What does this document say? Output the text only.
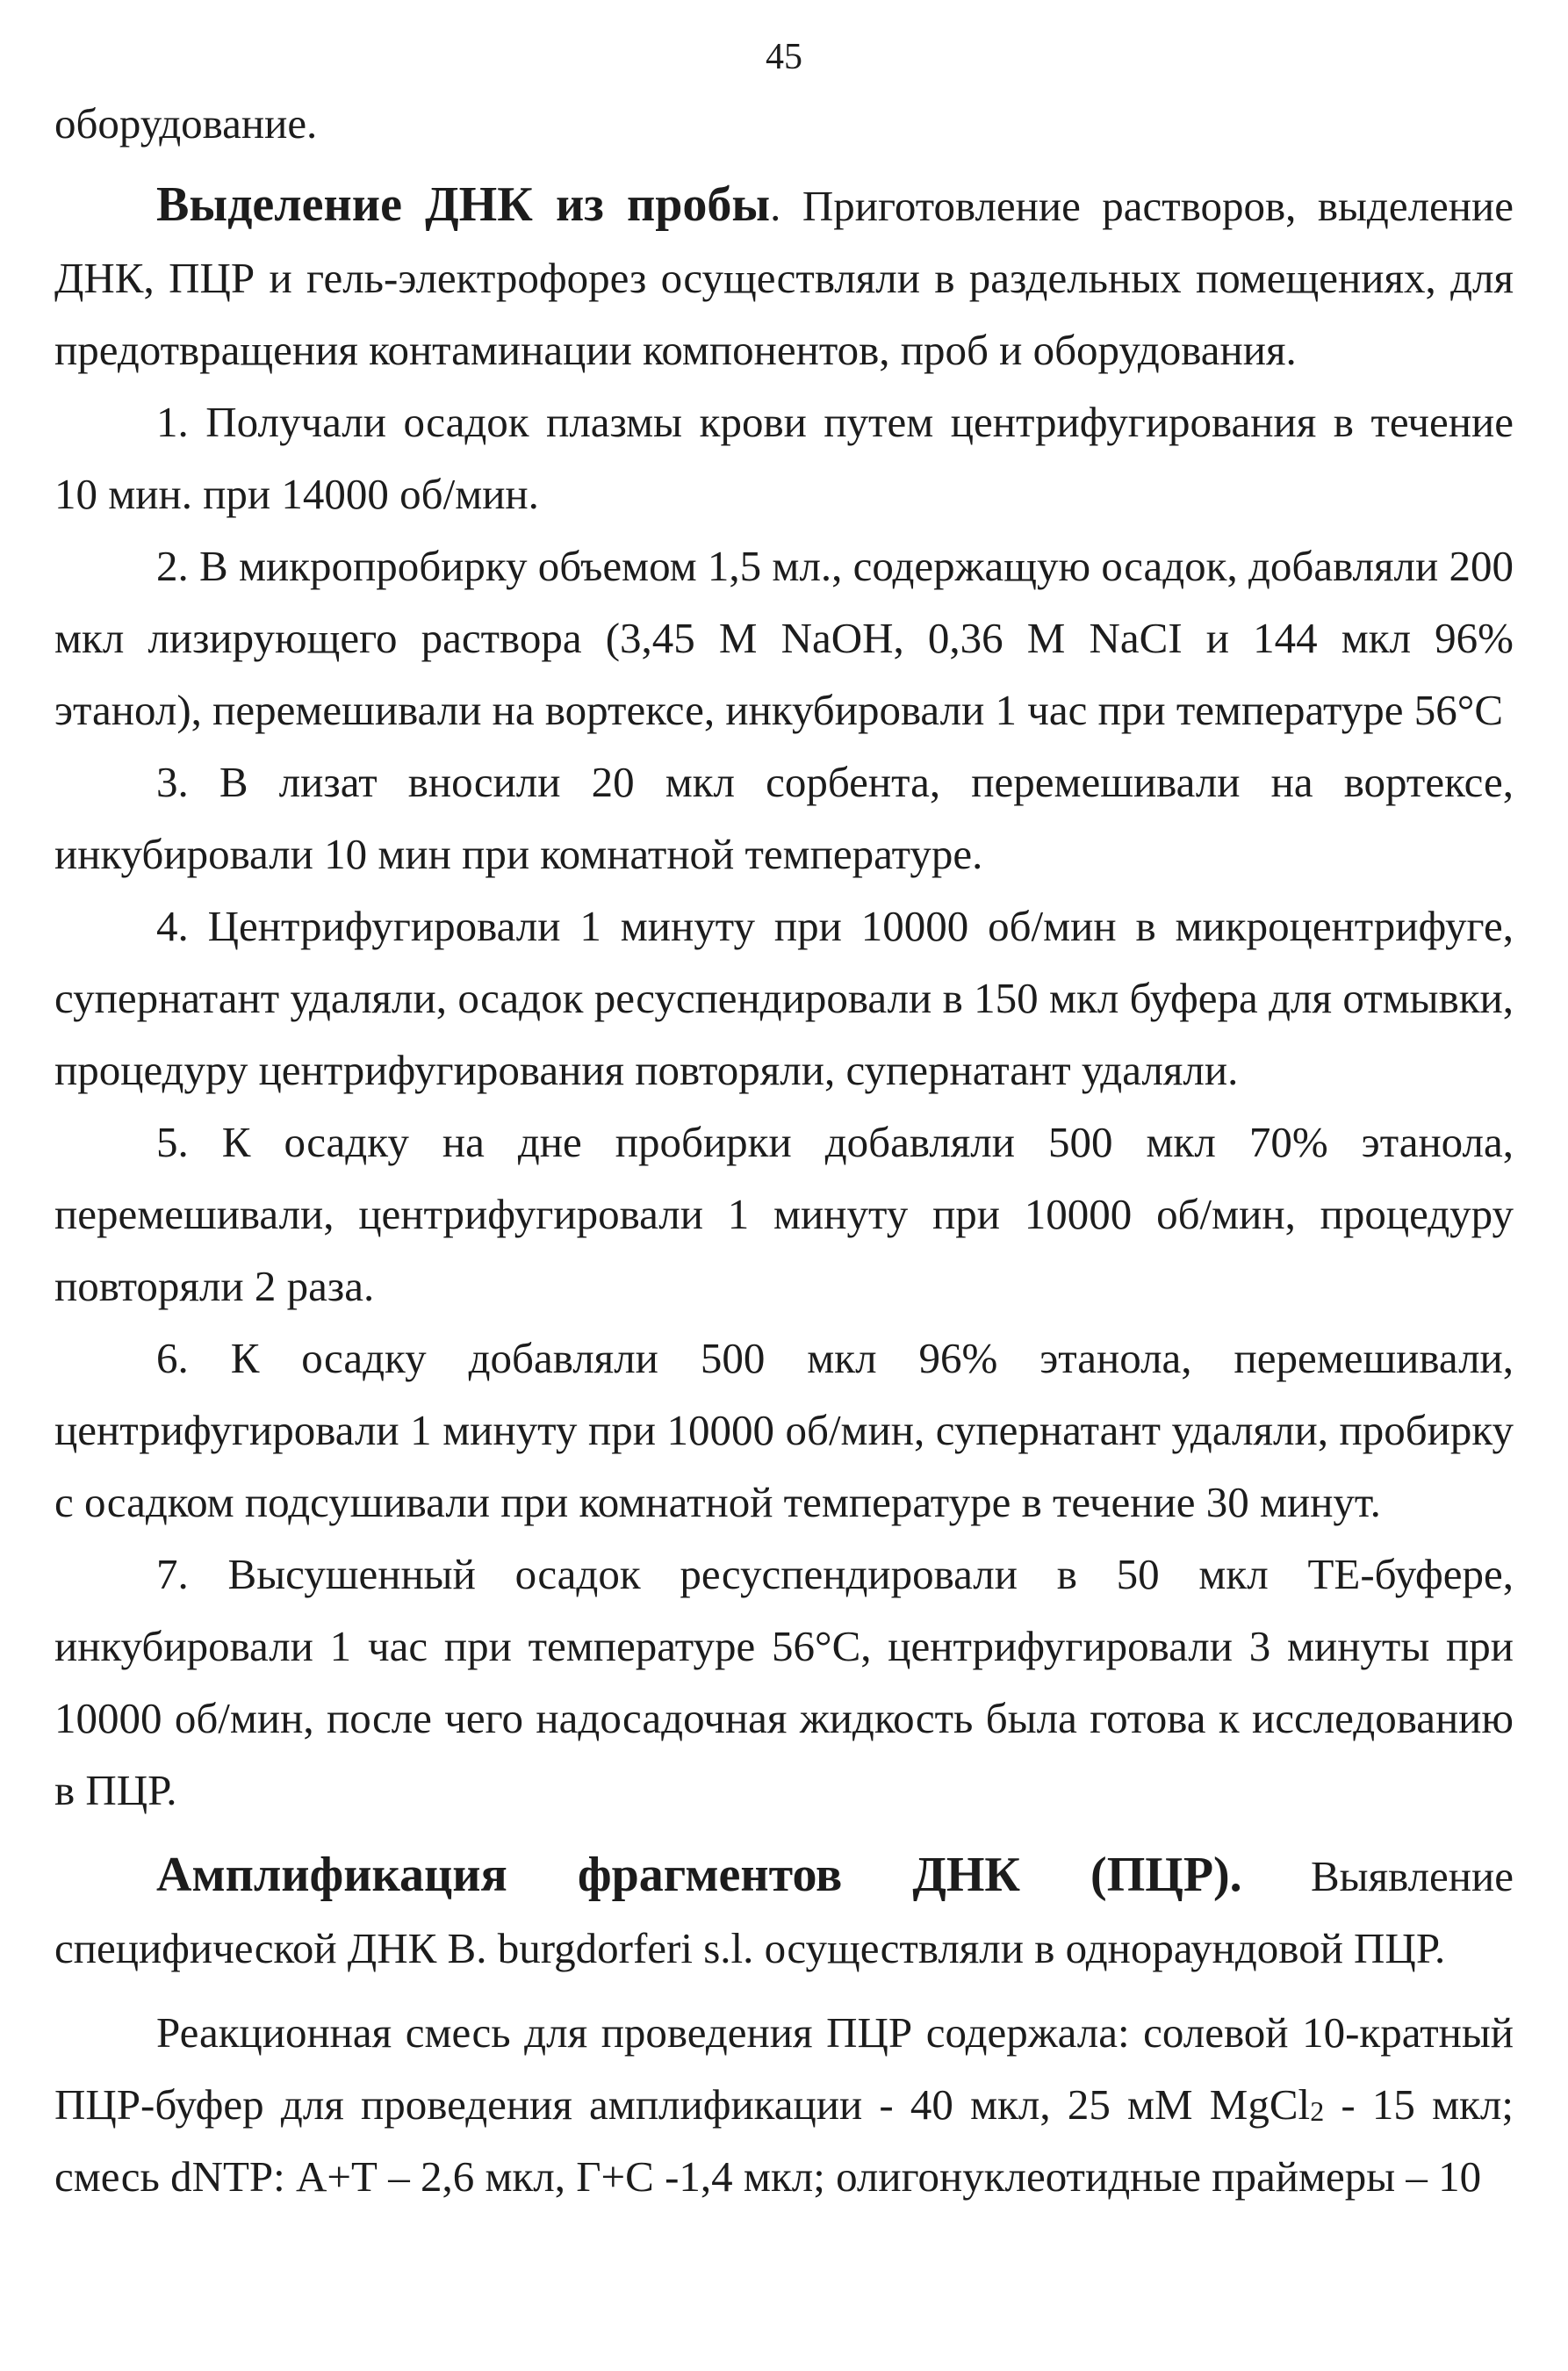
45

оборудование.

Выделение ДНК из пробы. Приготовление растворов, выделение ДНК, ПЦР и гель-электрофорез осуществляли в раздельных помещениях, для предотвращения контаминации компонентов, проб и оборудования.

1. Получали осадок плазмы крови путем центрифугирования в течение 10 мин. при 14000 об/мин.

2. В микропробирку объемом 1,5 мл., содержащую осадок, добавляли 200 мкл лизирующего раствора (3,45 М NaOH, 0,36 М NaCI и 144 мкл 96% этанол), перемешивали на вортексе, инкубировали 1 час при температуре 56°С

3. В лизат вносили 20 мкл сорбента, перемешивали на вортексе, инкубировали 10 мин при комнатной температуре.

4. Центрифугировали 1 минуту при 10000 об/мин в микроцентрифуге, супернатант удаляли, осадок ресуспендировали в 150 мкл буфера для отмывки, процедуру центрифугирования повторяли, супернатант удаляли.

5. К осадку на дне пробирки добавляли 500 мкл 70% этанола, перемешивали, центрифугировали 1 минуту при 10000 об/мин, процедуру повторяли 2 раза.

6. К осадку добавляли 500 мкл 96% этанола, перемешивали, центрифугировали 1 минуту при 10000 об/мин, супернатант удаляли, пробирку с осадком подсушивали при комнатной температуре в течение 30 минут.

7. Высушенный осадок ресуспендировали в 50 мкл ТЕ-буфере, инкубировали 1 час при температуре 56°С, центрифугировали 3 минуты при 10000 об/мин, после чего надосадочная жидкость была готова к исследованию в ПЦР.

Амплификация фрагментов ДНК (ПЦР). Выявление специфической ДНК B. burgdorferi s.l. осуществляли в однораундовой ПЦР.

Реакционная смесь для проведения ПЦР содержала: солевой 10-кратный ПЦР-буфер для проведения амплификации - 40 мкл, 25 мМ MgCl$_2$ - 15 мкл; смесь dNTP: А+Т – 2,6 мкл, Г+С -1,4 мкл; олигонуклеотидные праймеры – 10
